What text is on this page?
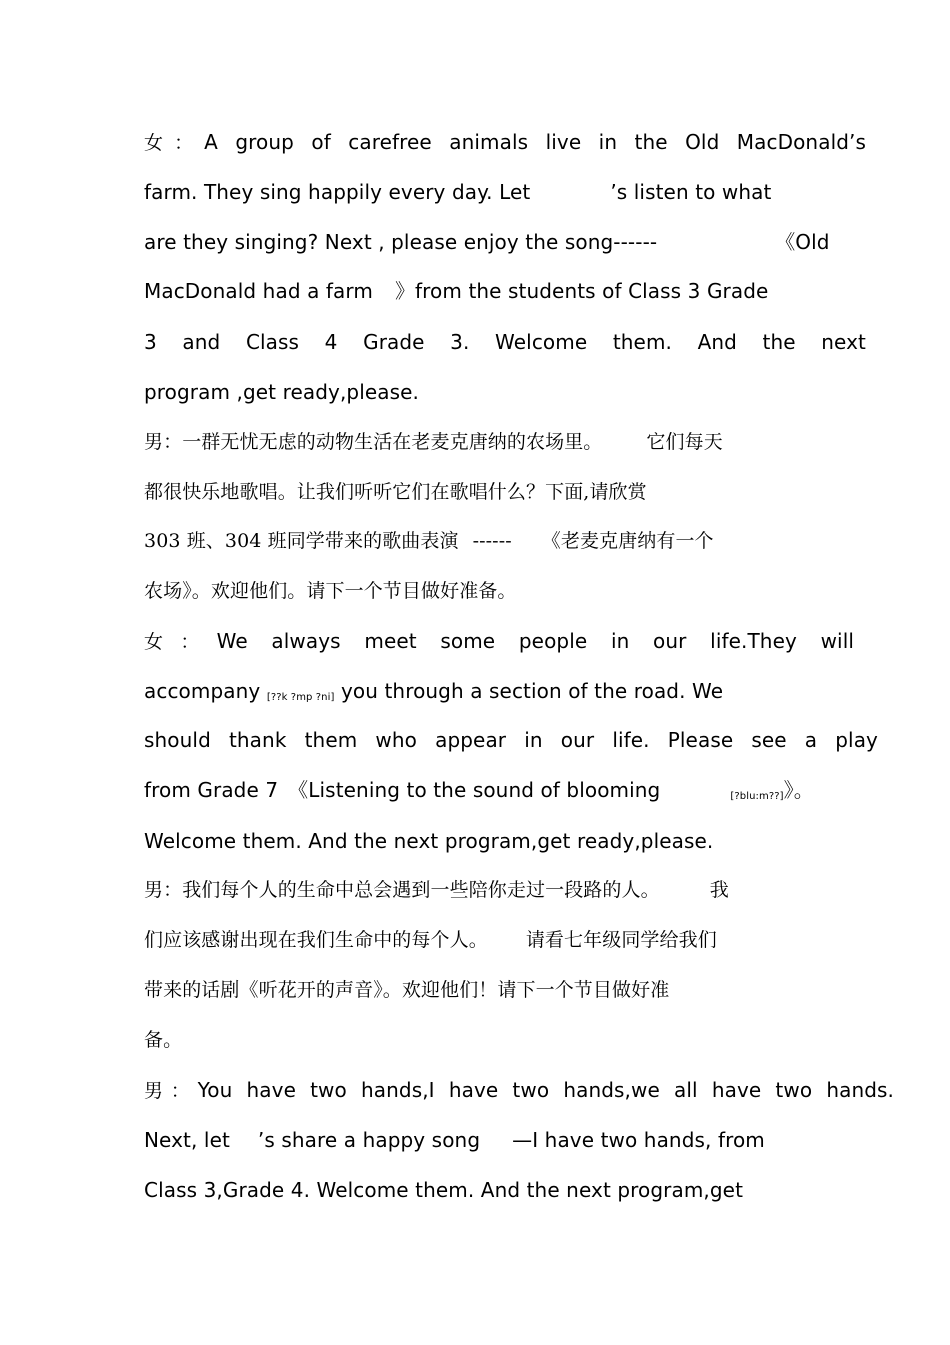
女：A group of carefree animals live in the Old MacDonald’s
farm. They sing happily every day. Let	’s listen to what
are they singing? Next , please enjoy the song------	《Old
MacDonald had a farm 》from the students of Class 3 Grade
3 and Class 4 Grade 3. Welcome them. And the next
program ,get ready,please.
男：一群无忧无虑的动物生活在老麦克唐纳的农场里。 它们每天
都很快乐地歌唱。让我们听听它们在歌唱什么？下面,请欣赏
303 班、304 班同学带来的歌曲表演 ------ 《老麦克唐纳有一个
农场》。欢迎他们。请下一个节目做好准备。
女：We always meet some people in our life.They will
accompany [??k ?mp ?ni] you through a section of the road. We
should thank them who appear in our life. Please see a play
from Grade 7 《Listening to the sound of blooming	[?blu:m??]》。
Welcome them. And the next program,get ready,please.
男：我们每个人的生命中总会遇到一些陪你走过一段路的人。	我
们应该感谢出现在我们生命中的每个人。 请看七年级同学给我们
带来的话剧《听花开的声音》。欢迎他们！请下一个节目做好准
备。
男：You have two hands,I have two hands,we all have two hands.
Next, let ’s share a happy song —I have two hands, from
Class 3,Grade 4. Welcome them. And the next program,get
